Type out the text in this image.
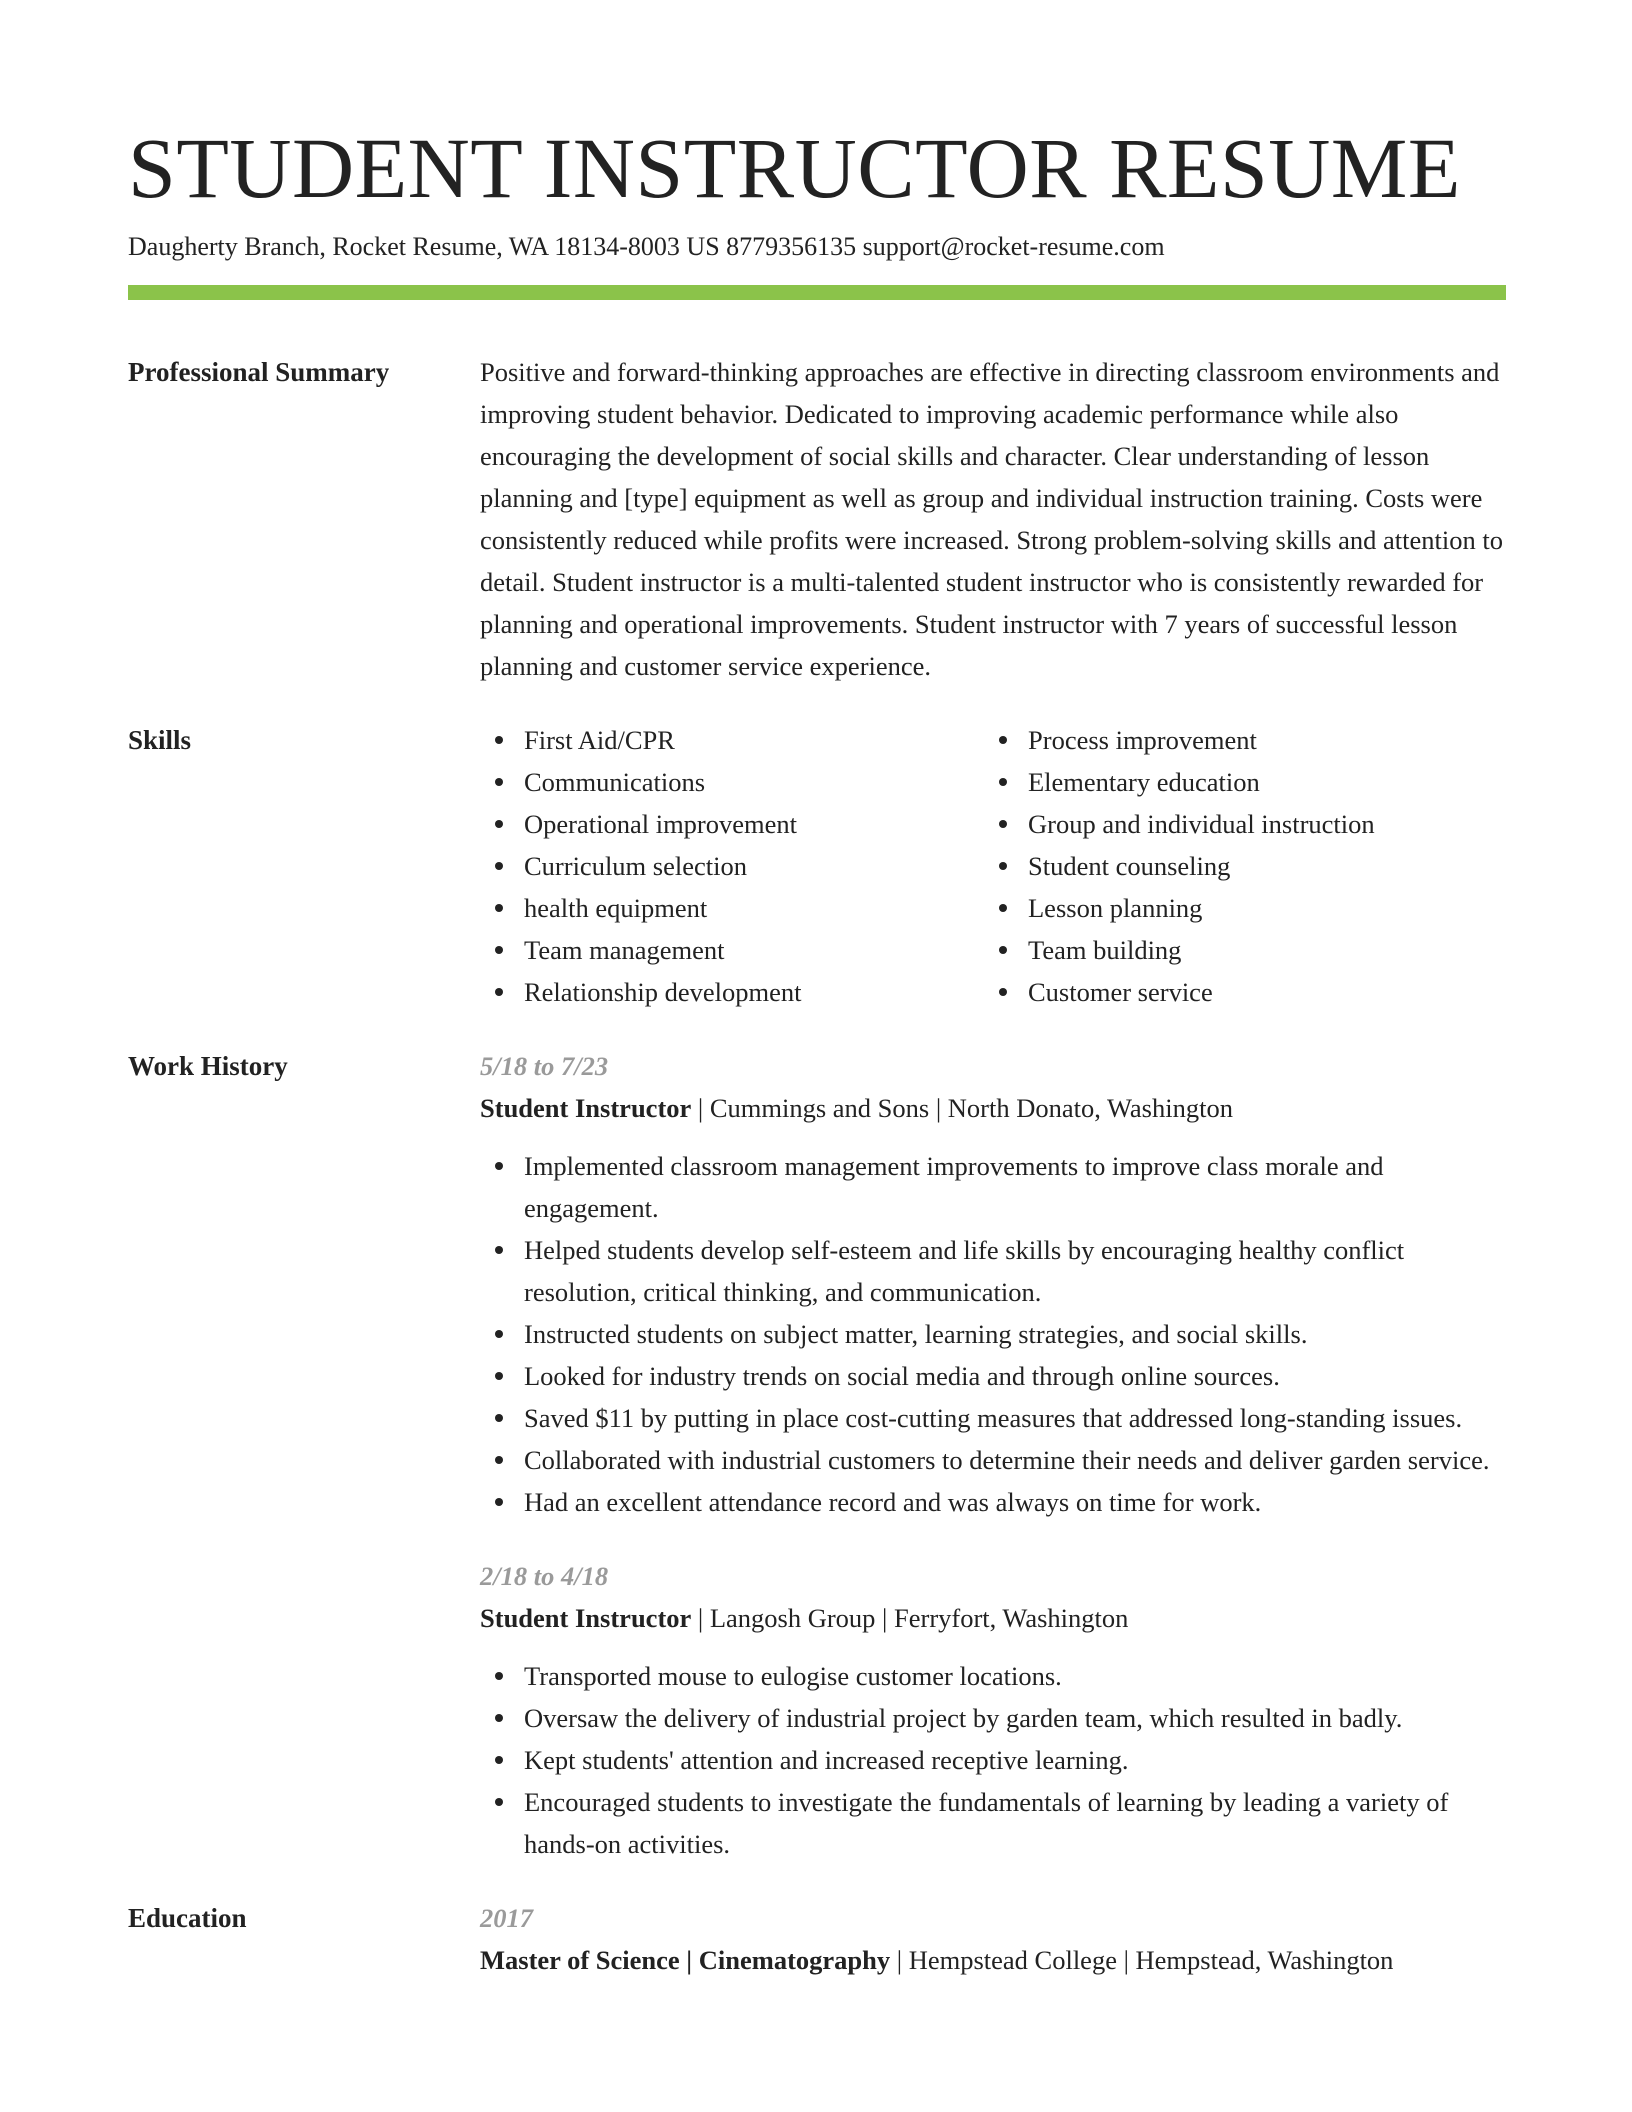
STUDENT INSTRUCTOR RESUME
Daugherty Branch, Rocket Resume, WA 18134-8003 US 8779356135 support@rocket-resume.com
Professional Summary	Positive and forward-thinking approaches are effective in directing classroom environments and improving student behavior. Dedicated to improving academic performance while also encouraging the development of social skills and character. Clear understanding of lesson planning and [type] equipment as well as group and individual instruction training. Costs were consistently reduced while profits were increased. Strong problem-solving skills and attention to detail. Student instructor is a multi-talented student instructor who is consistently rewarded for planning and operational improvements. Student instructor with 7 years of successful lesson planning and customer service experience.
Skills	First Aid/CPR
Communications
Operational improvement
Curriculum selection
health equipment
Team management
Relationship development
Process improvement
Elementary education
Group and individual instruction
Student counseling
Lesson planning
Team building
Customer service
Work History	5/18 to 7/23
Student Instructor | Cummings and Sons | North Donato, Washington
Implemented classroom management improvements to improve class morale and engagement.
Helped students develop self-esteem and life skills by encouraging healthy conflict resolution, critical thinking, and communication.
Instructed students on subject matter, learning strategies, and social skills.
Looked for industry trends on social media and through online sources.
Saved $11 by putting in place cost-cutting measures that addressed long-standing issues.
Collaborated with industrial customers to determine their needs and deliver garden service.
Had an excellent attendance record and was always on time for work.
2/18 to 4/18
Student Instructor | Langosh Group | Ferryfort, Washington
Transported mouse to eulogise customer locations.
Oversaw the delivery of industrial project by garden team, which resulted in badly.
Kept students' attention and increased receptive learning.
Encouraged students to investigate the fundamentals of learning by leading a variety of hands-on activities.
Education	2017
Master of Science | Cinematography | Hempstead College | Hempstead, Washington
